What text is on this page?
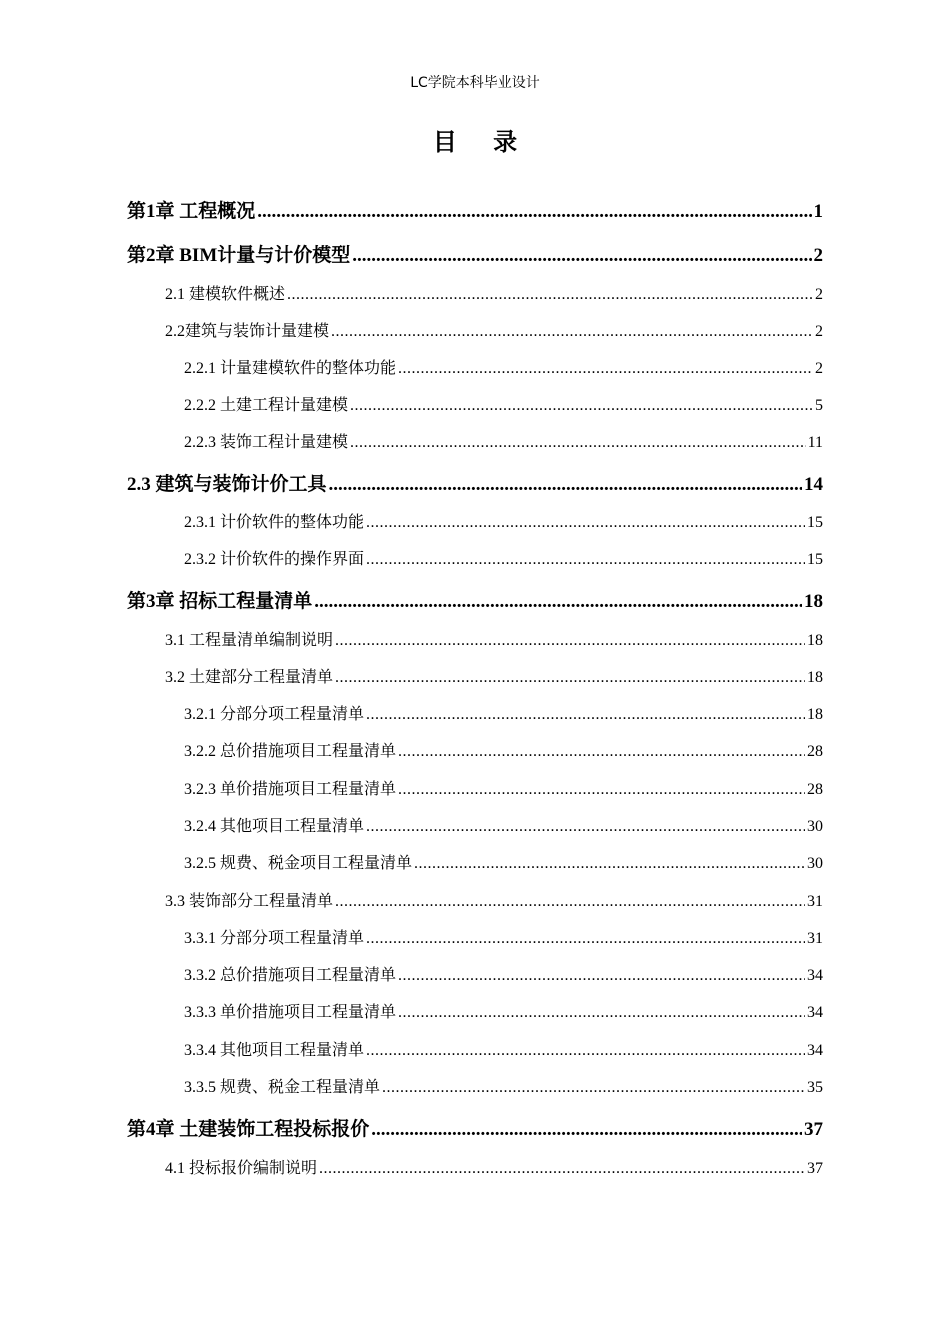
LC学院本科毕业设计
目 录
第1章 工程概况 .....	1
第2章 BIM计量与计价模型 .....	2
2.1 建模软件概述 .....	2
2.2建筑与装饰计量建模 .....	2
2.2.1 计量建模软件的整体功能 .....	2
2.2.2 土建工程计量建模 .....	5
2.2.3 装饰工程计量建模 .....	11
2.3 建筑与装饰计价工具 .....	14
2.3.1 计价软件的整体功能 .....	15
2.3.2 计价软件的操作界面 .....	15
第3章 招标工程量清单 .....	18
3.1 工程量清单编制说明 .....	18
3.2 土建部分工程量清单 .....	18
3.2.1 分部分项工程量清单 .....	18
3.2.2 总价措施项目工程量清单 .....	28
3.2.3 单价措施项目工程量清单 .....	28
3.2.4 其他项目工程量清单 .....	30
3.2.5 规费、税金项目工程量清单 .....	30
3.3 装饰部分工程量清单 .....	31
3.3.1 分部分项工程量清单 .....	31
3.3.2 总价措施项目工程量清单 .....	34
3.3.3 单价措施项目工程量清单 .....	34
3.3.4 其他项目工程量清单 .....	34
3.3.5 规费、税金工程量清单 .....	35
第4章 土建装饰工程投标报价 .....	37
4.1 投标报价编制说明 .....	37
